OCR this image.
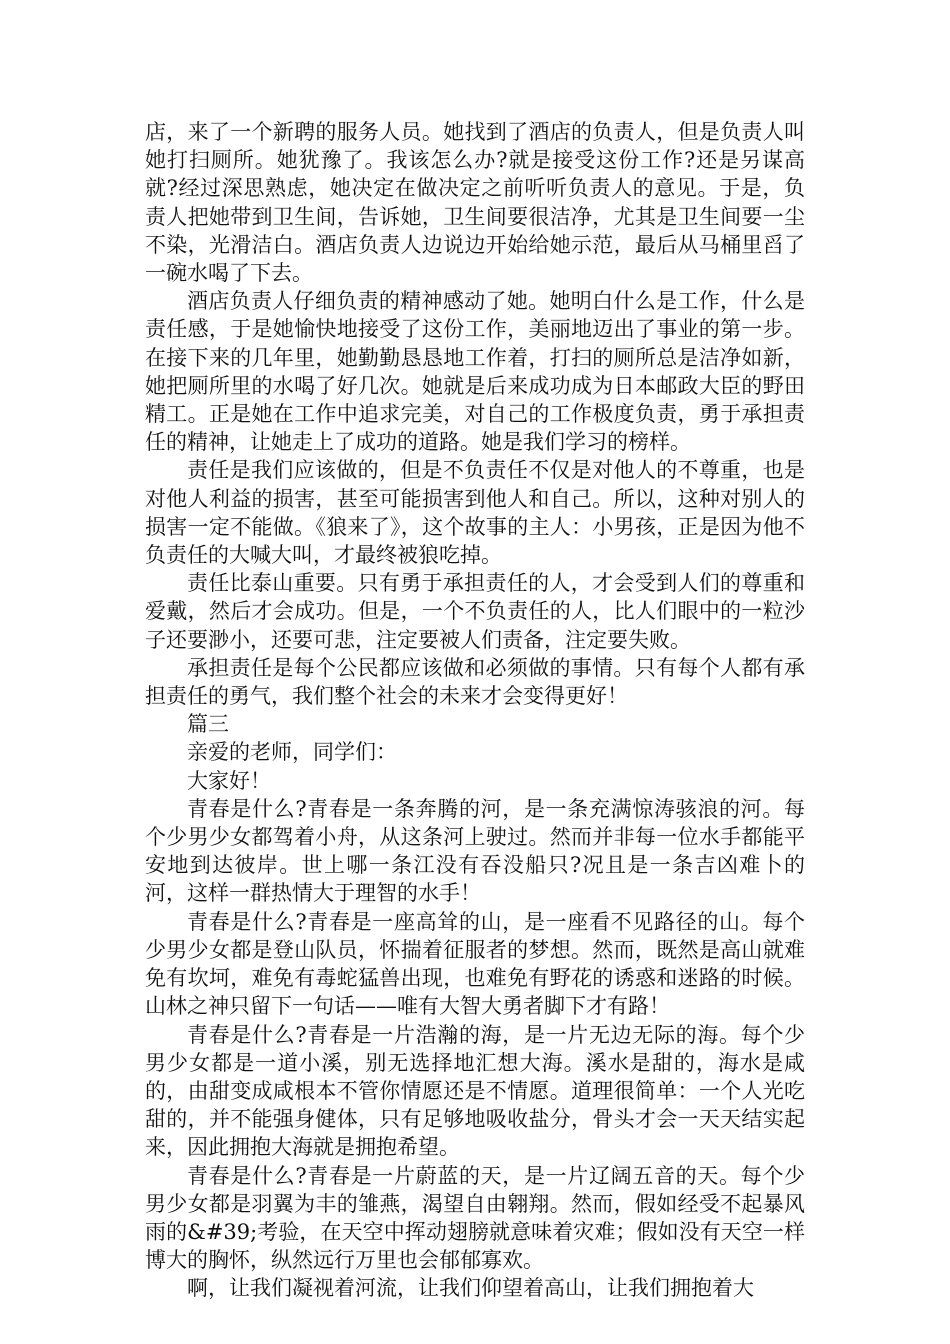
店，来了一个新聘的服务人员。她找到了酒店的负责人，但是负责人叫她打扫厕所。她犹豫了。我该怎么办?就是接受这份工作?还是另谋高就?经过深思熟虑，她决定在做决定之前听听负责人的意见。于是，负责人把她带到卫生间，告诉她，卫生间要很洁净，尤其是卫生间要一尘不染，光滑洁白。酒店负责人边说边开始给她示范，最后从马桶里舀了一碗水喝了下去。

酒店负责人仔细负责的精神感动了她。她明白什么是工作，什么是责任感，于是她愉快地接受了这份工作，美丽地迈出了事业的第一步。在接下来的几年里，她勤勤恳恳地工作着，打扫的厕所总是洁净如新，她把厕所里的水喝了好几次。她就是后来成功成为日本邮政大臣的野田精工。正是她在工作中追求完美，对自己的工作极度负责，勇于承担责任的精神，让她走上了成功的道路。她是我们学习的榜样。

责任是我们应该做的，但是不负责任不仅是对他人的不尊重，也是对他人利益的损害，甚至可能损害到他人和自己。所以，这种对别人的损害一定不能做。《狼来了》，这个故事的主人：小男孩，正是因为他不负责任的大喊大叫，才最终被狼吃掉。

责任比泰山重要。只有勇于承担责任的人，才会受到人们的尊重和爱戴，然后才会成功。但是，一个不负责任的人，比人们眼中的一粒沙子还要渺小，还要可悲，注定要被人们责备，注定要失败。

承担责任是每个公民都应该做和必须做的事情。只有每个人都有承担责任的勇气，我们整个社会的未来才会变得更好！

篇三

亲爱的老师，同学们：

大家好！

青春是什么?青春是一条奔腾的河，是一条充满惊涛骇浪的河。每个少男少女都驾着小舟，从这条河上驶过。然而并非每一位水手都能平安地到达彼岸。世上哪一条江没有吞没船只?况且是一条吉凶难卜的河，这样一群热情大于理智的水手！

青春是什么?青春是一座高耸的山，是一座看不见路径的山。每个少男少女都是登山队员，怀揣着征服者的梦想。然而，既然是高山就难免有坎坷，难免有毒蛇猛兽出现，也难免有野花的诱惑和迷路的时候。山林之神只留下一句话——唯有大智大勇者脚下才有路！

青春是什么?青春是一片浩瀚的海，是一片无边无际的海。每个少男少女都是一道小溪，别无选择地汇想大海。溪水是甜的，海水是咸的，由甜变成咸根本不管你情愿还是不情愿。道理很简单：一个人光吃甜的，并不能强身健体，只有足够地吸收盐分，骨头才会一天天结实起来，因此拥抱大海就是拥抱希望。

青春是什么?青春是一片蔚蓝的天，是一片辽阔五音的天。每个少男少女都是羽翼为丰的雏燕，渴望自由翱翔。然而，假如经受不起暴风雨的&#39;考验，在天空中挥动翅膀就意味着灾难；假如没有天空一样博大的胸怀，纵然远行万里也会郁郁寡欢。

啊，让我们凝视着河流，让我们仰望着高山，让我们拥抱着大
